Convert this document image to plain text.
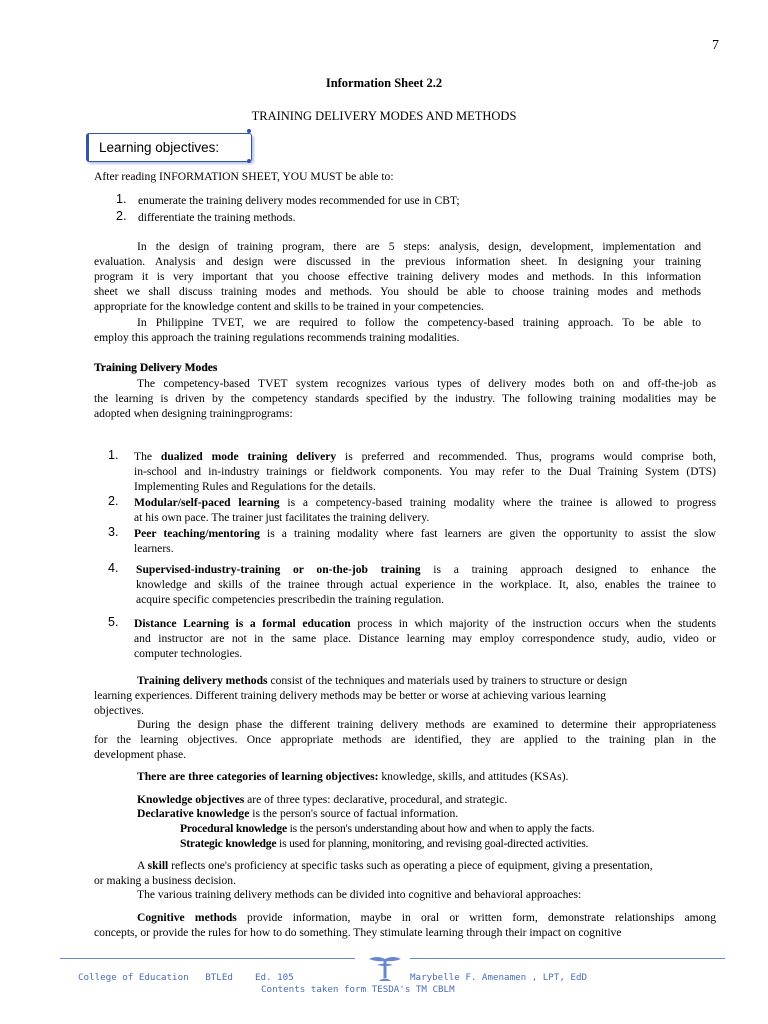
7
Information Sheet 2.2
TRAINING DELIVERY MODES AND METHODS
Learning objectives:
After reading INFORMATION SHEET, YOU MUST be able to:
1. enumerate the training delivery modes recommended for use in CBT;
2. differentiate the training methods.
In the design of training program, there are 5 steps: analysis, design, development, implementation and
evaluation. Analysis and design were discussed in the previous information sheet. In designing your training
program it is very important that you choose effective training delivery modes and methods. In this information
sheet we shall discuss training modes and methods. You should be able to choose training modes and methods
appropriate for the knowledge content and skills to be trained in your competencies.
In Philippine TVET, we are required to follow the competency-based training approach. To be able to
employ this approach the training regulations recommends training modalities.
Training Delivery Modes
The competency-based TVET system recognizes various types of delivery modes both on and off-the-job as
the learning is driven by the competency standards specified by the industry. The following training modalities may be
adopted when designing trainingprograms:
1. The dualized mode training delivery is preferred and recommended. Thus, programs would comprise both,
in-school and in-industry trainings or fieldwork components. You may refer to the Dual Training System (DTS)
Implementing Rules and Regulations for the details.
2. Modular/self-paced learning is a competency-based training modality where the trainee is allowed to progress
at his own pace. The trainer just facilitates the training delivery.
3. Peer teaching/mentoring is a training modality where fast learners are given the opportunity to assist the slow
learners.
4. Supervised-industry-training or on-the-job training is a training approach designed to enhance the
knowledge and skills of the trainee through actual experience in the workplace. It, also, enables the trainee to
acquire specific competencies prescribedin the training regulation.
5. Distance Learning is a formal education process in which majority of the instruction occurs when the students
and instructor are not in the same place. Distance learning may employ correspondence study, audio, video or
computer technologies.
Training delivery methods consist of the techniques and materials used by trainers to structure or design
learning experiences. Different training delivery methods may be better or worse at achieving various learning
objectives.
During the design phase the different training delivery methods are examined to determine their appropriateness
for the learning objectives. Once appropriate methods are identified, they are applied to the training plan in the
development phase.
There are three categories of learning objectives: knowledge, skills, and attitudes (KSAs).
Knowledge objectives are of three types: declarative, procedural, and strategic.
Declarative knowledge is the person's source of factual information.
Procedural knowledge is the person's understanding about how and when to apply the facts.
Strategic knowledge is used for planning, monitoring, and revising goal-directed activities.
A skill reflects one's proficiency at specific tasks such as operating a piece of equipment, giving a presentation,
or making a business decision.
The various training delivery methods can be divided into cognitive and behavioral approaches:
Cognitive methods provide information, maybe in oral or written form, demonstrate relationships among
concepts, or provide the rules for how to do something. They stimulate learning through their impact on cognitive
College of Education   BTLEd    Ed. 105	Marybelle F. Amenamen , LPT, EdD
Contents taken form TESDA's TM CBLM
